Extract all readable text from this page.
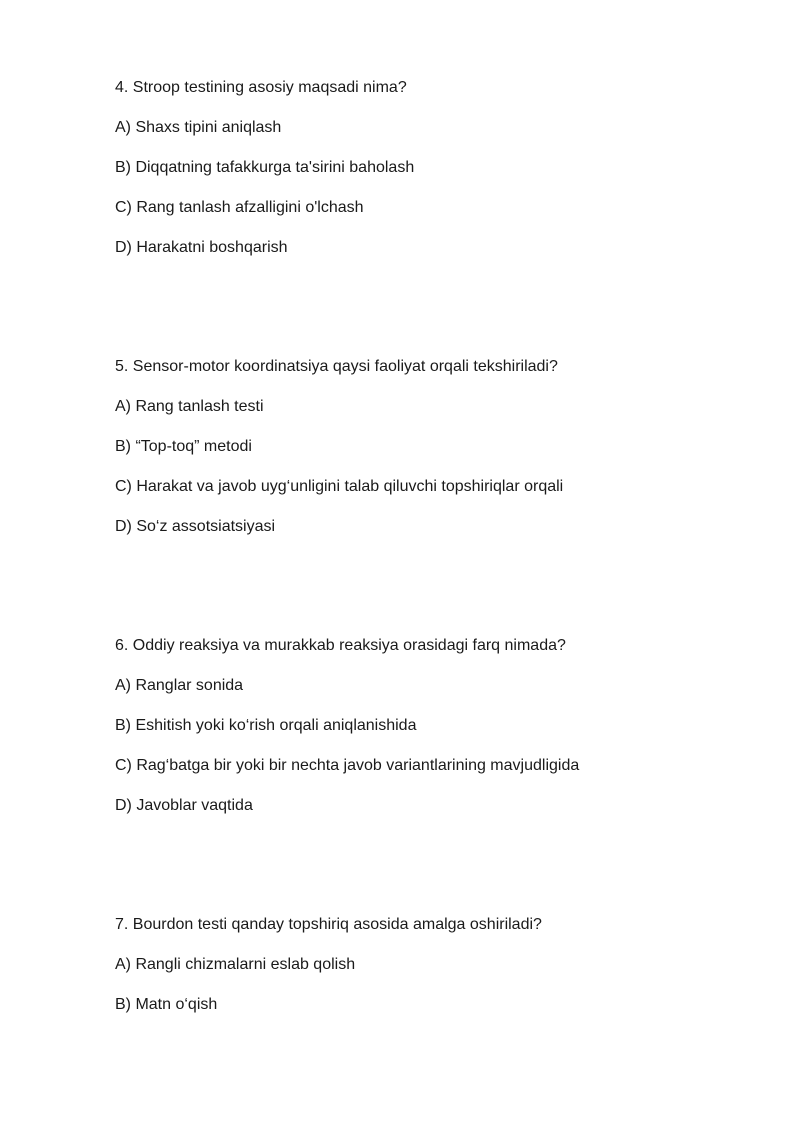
4. Stroop testining asosiy maqsadi nima?
A) Shaxs tipini aniqlash
B) Diqqatning tafakkurga ta'sirini baholash
C) Rang tanlash afzalligini o'lchash
D) Harakatni boshqarish
5. Sensor-motor koordinatsiya qaysi faoliyat orqali tekshiriladi?
A) Rang tanlash testi
B) “Top-toq” metodi
C) Harakat va javob uyg‘unligini talab qiluvchi topshiriqlar orqali
D) So‘z assotsiatsiyasi
6. Oddiy reaksiya va murakkab reaksiya orasidagi farq nimada?
A) Ranglar sonida
B) Eshitish yoki ko‘rish orqali aniqlanishida
C) Rag‘batga bir yoki bir nechta javob variantlarining mavjudligida
D) Javoblar vaqtida
7. Bourdon testi qanday topshiriq asosida amalga oshiriladi?
A) Rangli chizmalarni eslab qolish
B) Matn o‘qish
